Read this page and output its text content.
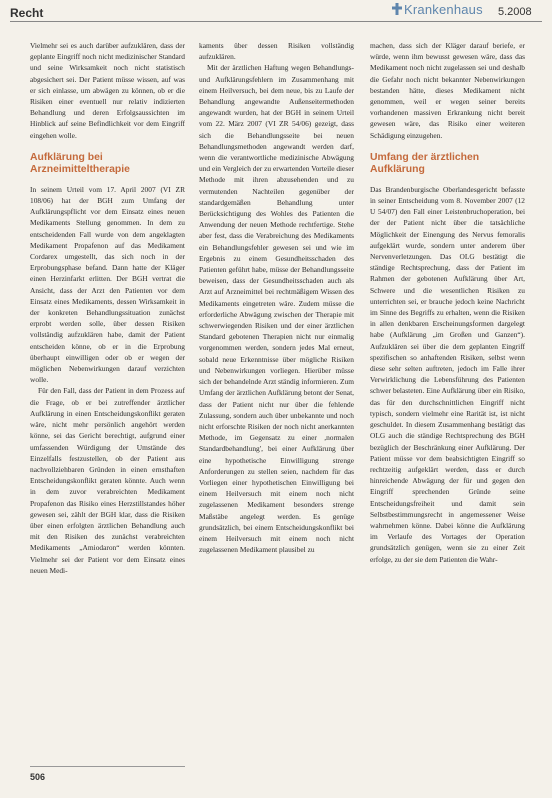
Recht	Krankenhaus 5.2008

Vielmehr sei es auch darüber aufzuklären, dass der geplante Eingriff noch nicht medizinischer Standard und seine Wirksamkeit noch nicht statistisch abgesichert sei. Der Patient müsse wissen, auf was er sich einlasse, um abwägen zu können, ob er die Risiken einer eventuell nur relativ indizierten Behandlung und deren Erfolgsaussichten im Hinblick auf seine Befindlichkeit vor dem Eingriff eingehen wolle.

Aufklärung bei Arzneimitteltherapie

In seinem Urteil vom 17. April 2007 (VI ZR 108/06) hat der BGH zum Umfang der Aufklärungspflicht vor dem Einsatz eines neuen Medikaments Stellung genommen. In dem zu entscheidenden Fall wurde von dem angeklagten Medikament Propafenon auf das Medikament Cordarex umgestellt, das sich noch in der Erprobungsphase befand. Dann hatte der Kläger einen Herzinfarkt erlitten. Der BGH vertrat die Ansicht, dass der Arzt den Patienten vor dem Einsatz eines Medikaments, dessen Wirksamkeit in der konkreten Behandlungssituation zunächst erprobt werden solle, über dessen Risiken vollständig aufzuklären habe, damit der Patient entscheiden könne, ob er in die Erprobung überhaupt einwilligen oder ob er wegen der möglichen Nebenwirkungen darauf verzichten wolle.

Für den Fall, dass der Patient in dem Prozess auf die Frage, ob er bei zutreffender ärztlicher Aufklärung in einen Entscheidungskonflikt geraten wäre, nicht mehr persönlich angehört werden könne, sei das Gericht berechtigt, aufgrund einer umfassenden Würdigung der Umstände des Einzelfalls festzustellen, ob der Patient aus nachvollziehbaren Gründen in einen ernsthaften Entscheidungskonflikt geraten könnte. Auch wenn in dem zuvor verabreichten Medikament Propafenon das Risiko eines Herzstillstandes höher gewesen sei, zählt der BGH klar, dass die Risiken über einen erfolgten ärztlichen Behandlung auch mit den Risiken des zunächst verabreichten Medikaments „Amiodaron“ werden könnten. Vielmehr sei der Patient vor dem Einsatz eines neuen Medi-

kaments über dessen Risiken vollständig aufzuklären.

Mit der ärztlichen Haftung wegen Behandlungs- und Aufklärungsfehlern im Zusammenhang mit einem Heilversuch, bei dem neue, bis zu Laufe der Behandlung angewandte Außenseitermethoden angewandt wurden, hat der BGH in seinem Urteil vom 22. März 2007 (VI ZR 54/06) gezeigt, dass sich die Behandlungsseite bei neuen Behandlungsmethoden angewandt werden darf, wenn die verantwortliche medizinische Abwägung und ein Vergleich der zu erwartenden Vorteile dieser Methode mit ihren abzusehenden und zu vermutenden Nachteilen gegenüber der standardgemäßen Behandlung unter Berücksichtigung des Wohles des Patienten die Anwendung der neuen Methode rechtfertige. Stehe aber fest, dass die Verabreichung des Medikaments ein Behandlungsfehler gewesen sei und wie im Ergebnis zu einem Gesundheitsschaden des Patienten geführt habe, müsse der Behandlungsseite beweisen, dass der Gesundheitsschaden auch als Arzt auf Arzneimittel bei rechtmäßigem Wissen des Medikaments eingetreten wäre. Zudem müsse die erforderliche Abwägung zwischen der Therapie mit schwerwiegenden Risiken und der einer ärztlichen Standard gebotenen Therapien nicht nur einmalig vorgenommen werden, sondern jedes Mal erneut, sobald neue Erkenntnisse über mögliche Risiken und Nebenwirkungen vorliegen. Hierüber müsse sich der behandelnde Arzt ständig informieren. Zum Umfang der ärztlichen Aufklärung betont der Senat, dass der Patient nicht nur über die fehlende Zulassung, sondern auch über unbekannte und noch nicht erforschte Risiken der noch nicht anerkannten Methode, im Gegensatz zu einer ,normalen Standardbehandlung', bei einer Aufklärung über eine hypothetische Einwilligung strenge Anforderungen zu stellen seien, nachdem für das Vorliegen einer hypothetischen Einwilligung bei einem Heilversuch mit einem noch nicht zugelassenen Medikament besonders strenge Maßstäbe angelegt werden. Es genüge grundsätzlich, bei einem Entscheidungskonflikt bei einem Heilversuch mit einem noch nicht zugelassenen Medikament plausibel zu

machen, dass sich der Kläger darauf beriefe, er würde, wenn ihm bewusst gewesen wäre, dass das Medikament noch nicht zugelassen sei und deshalb die Gefahr noch nicht bekannter Nebenwirkungen bestanden hätte, dieses Medikament nicht genommen, weil er wegen seiner bereits vorhandenen massiven Erkrankung nicht bereit gewesen wäre, das Risiko einer weiteren Schädigung einzugehen.

Umfang der ärztlichen Aufklärung

Das Brandenburgische Oberlandesgericht befasste in seiner Entscheidung vom 8. November 2007 (12 U 54/07) den Fall einer Leistenbruchoperation, bei der der Patient nicht über die tatsächliche Möglichkeit der Einengung des Nervus femoralis aufgeklärt wurde, sondern unter anderem über Nervenverletzungen. Das OLG bestätigt die ständige Rechtsprechung, dass der Patient im Rahmen der gebotenen Aufklärung über Art, Schwere und die wesentlichen Risiken zu unterrichten sei, er brauche jedoch keine Nachricht im Sinne des Begriffs zu erhalten, wenn die Risiken in allen denkbaren Erscheinungsformen dargelegt habe (Aufklärung „im Großen und Ganzen“). Aufzuklären sei über die dem geplanten Eingriff spezifischen so anhaftenden Risiken, selbst wenn diese sehr selten auftreten, jedoch im Falle ihrer Verwirklichung die Lebensführung des Patienten schwer belasteten. Eine Aufklärung über ein Risiko, das für den durchschnittlichen Eingriff nicht typisch, sondern vielmehr eine Rarität ist, ist nicht geschuldet. In diesem Zusammenhang bestätigt das OLG auch die ständige Rechtsprechung des BGH bezüglich der Beschränkung einer Aufklärung. Der Patient müsse vor dem beabsichtigten Eingriff so rechtzeitig aufgeklärt werden, dass er durch hinreichende Abwägung der für und gegen den Eingriff sprechenden Gründe seine Entscheidungsfreiheit und damit sein Selbstbestimmungsrecht in angemessener Weise wahrnehmen könne. Dabei könne die Aufklärung im Verlaufe des Vortages der Operation grundsätzlich genügen, wenn sie zu einer Zeit erfolge, zu der sie dem Patienten die Wahr-

506
